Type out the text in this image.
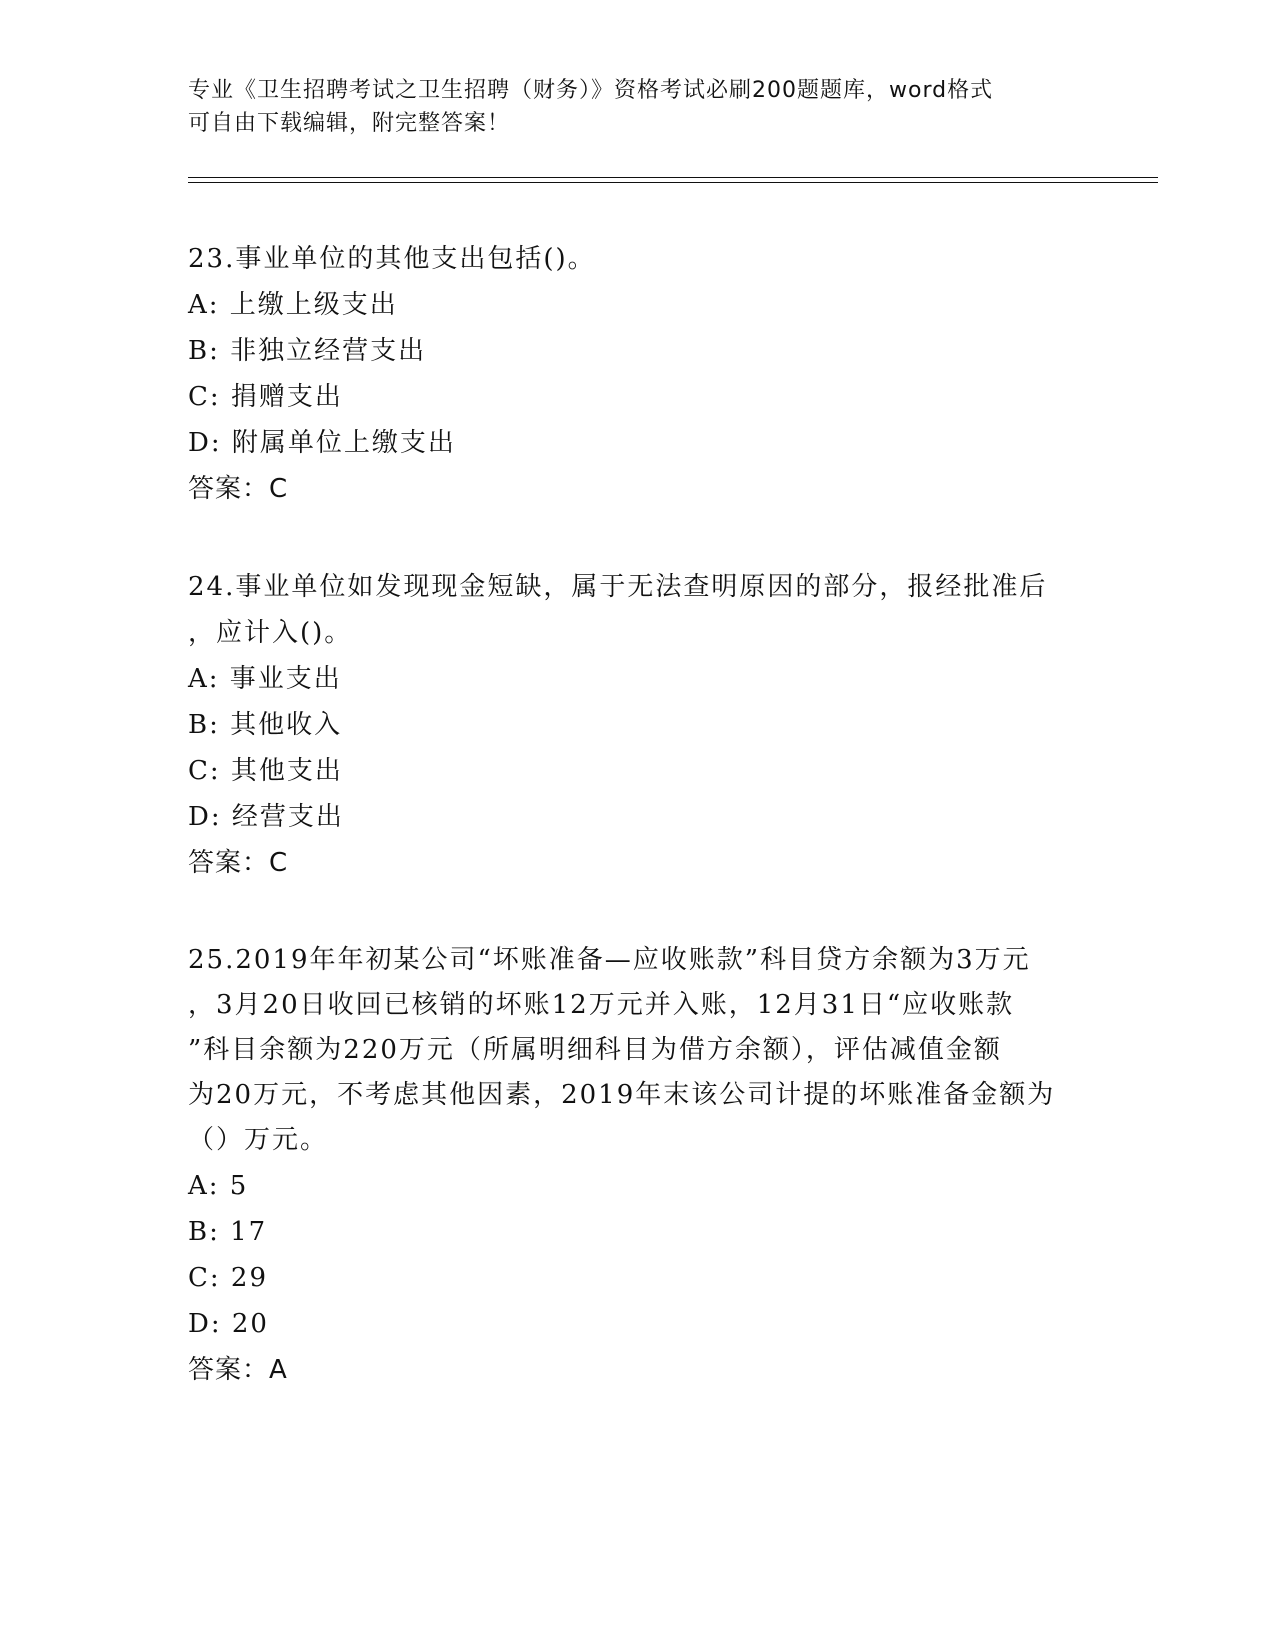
专业《卫生招聘考试之卫生招聘（财务）》资格考试必刷200题题库，word格式
可自由下载编辑，附完整答案！
23.事业单位的其他支出包括()。
A: 上缴上级支出
B: 非独立经营支出
C: 捐赠支出
D: 附属单位上缴支出
答案：C
24.事业单位如发现现金短缺，属于无法查明原因的部分，报经批准后
，应计入()。
A: 事业支出
B: 其他收入
C: 其他支出
D: 经营支出
答案：C
25.2019年年初某公司“坏账准备—应收账款”科目贷方余额为3万元
，3月20日收回已核销的坏账12万元并入账，12月31日“应收账款
”科目余额为220万元（所属明细科目为借方余额），评估减值金额
为20万元，不考虑其他因素，2019年末该公司计提的坏账准备金额为
（）万元。
A: 5
B: 17
C: 29
D: 20
答案：A
